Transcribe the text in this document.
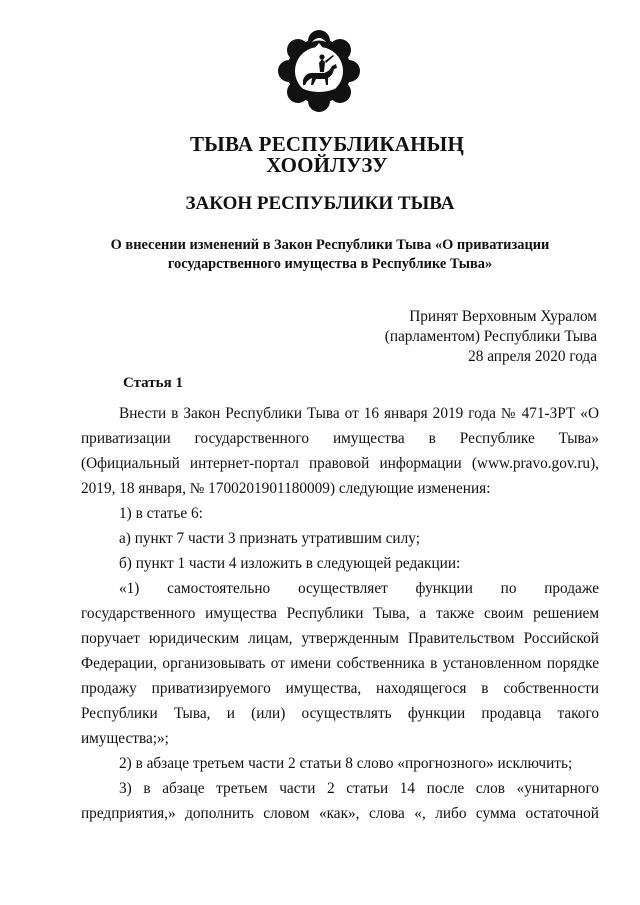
ТЫВА РЕСПУБЛИКАНЫҢ
ХООЙЛУЗУ
ЗАКОН РЕСПУБЛИКИ ТЫВА
О внесении изменений в Закон Республики Тыва «О приватизации
государственного имущества в Республике Тыва»
Принят Верховным Хуралом
(парламентом) Республики Тыва
28 апреля 2020 года
Статья 1

Внести в Закон Республики Тыва от 16 января 2019 года № 471-ЗРТ «О

приватизации государственного имущества в Республике Тыва»

(Официальный интернет-портал правовой информации (www.pravo.gov.ru),

2019, 18 января, № 1700201901180009) следующие изменения:

1) в статье 6:

а) пункт 7 части 3 признать утратившим силу;

б) пункт 1 части 4 изложить в следующей редакции:

«1) самостоятельно осуществляет функции по продаже

государственного имущества Республики Тыва, а также своим решением

поручает юридическим лицам, утвержденным Правительством Российской

Федерации, организовывать от имени собственника в установленном порядке

продажу приватизируемого имущества, находящегося в собственности

Республики Тыва, и (или) осуществлять функции продавца такого

имущества;»;

2) в абзаце третьем части 2 статьи 8 слово «прогнозного» исключить;

3) в абзаце третьем части 2 статьи 14 после слов «унитарного

предприятия,» дополнить словом «как», слова «, либо сумма остаточной
